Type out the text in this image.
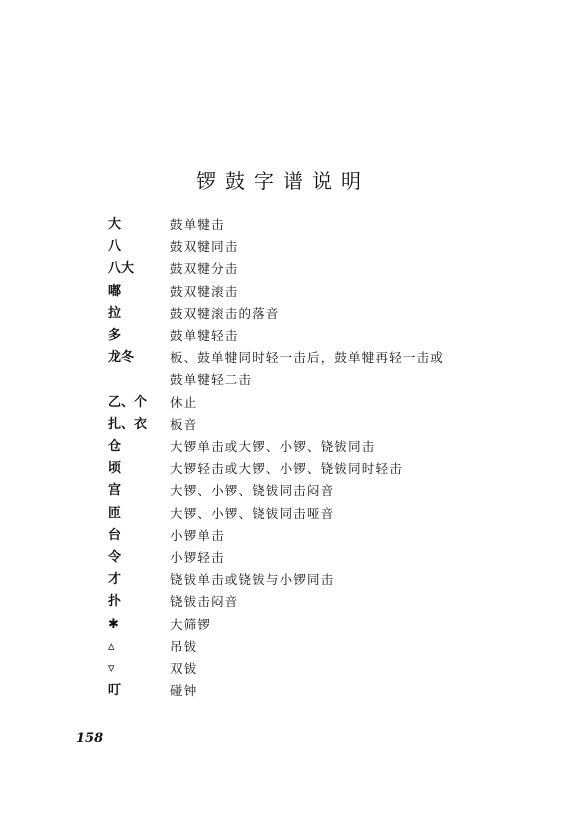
锣鼓字谱说明
大	鼓单犍击
八	鼓双犍同击
八大	鼓双犍分击
嘟	鼓双犍滚击
拉	鼓双犍滚击的落音
多	鼓单犍轻击
龙冬	板、鼓单犍同时轻一击后，鼓单犍再轻一击或
鼓单犍轻二击
乙、个	休止
扎、衣	板音
仓	大锣单击或大锣、小锣、铙钹同击
顷	大锣轻击或大锣、小锣、铙钹同时轻击
宫	大锣、小锣、铙钹同击闷音
匝	大锣、小锣、铙钹同击哑音
台	小锣单击
令	小锣轻击
才	铙钹单击或铙钹与小锣同击
扑	铙钹击闷音
✱	大筛锣
▵	吊钹
▿	双钹
叮	碰钟
158
